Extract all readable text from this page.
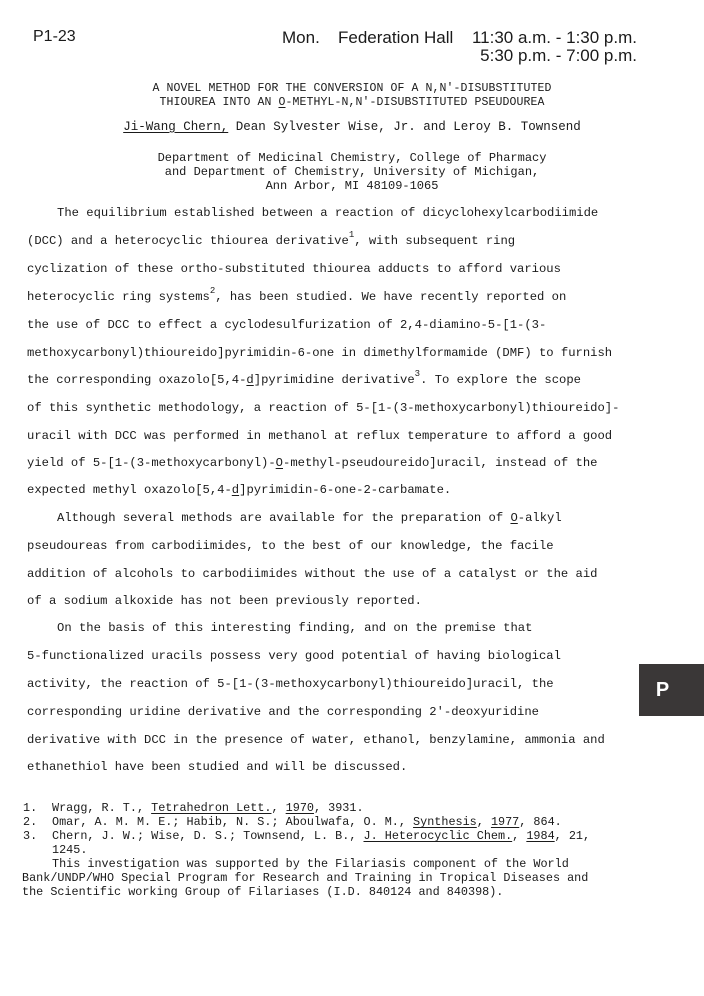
P1-23	Mon. Federation Hall 11:30 a.m. - 1:30 p.m.
5:30 p.m. - 7:00 p.m.
A NOVEL METHOD FOR THE CONVERSION OF A N,N'-DISUBSTITUTED
THIOUREA INTO AN O-METHYL-N,N'-DISUBSTITUTED PSEUDOUREA
Ji-Wang Chern, Dean Sylvester Wise, Jr. and Leroy B. Townsend
Department of Medicinal Chemistry, College of Pharmacy
and Department of Chemistry, University of Michigan,
Ann Arbor, MI 48109-1065
The equilibrium established between a reaction of dicyclohexylcarbodiimide
(DCC) and a heterocyclic thiourea derivative$^1$, with subsequent ring
cyclization of these ortho-substituted thiourea adducts to afford various
heterocyclic ring systems$^2$, has been studied. We have recently reported on
the use of DCC to effect a cyclodesulfurization of 2,4-diamino-5-[1-(3-
methoxycarbonyl)thioureido]pyrimidin-6-one in dimethylformamide (DMF) to furnish
the corresponding oxazolo[5,4-d]pyrimidine derivative$^3$. To explore the scope
of this synthetic methodology, a reaction of 5-[1-(3-methoxycarbonyl)thioureido]-
uracil with DCC was performed in methanol at reflux temperature to afford a good
yield of 5-[1-(3-methoxycarbonyl)-O-methyl-pseudoureido]uracil, instead of the
expected methyl oxazolo[5,4-d]pyrimidin-6-one-2-carbamate.
Although several methods are available for the preparation of O-alkyl
pseudoureas from carbodiimides, to the best of our knowledge, the facile
addition of alcohols to carbodiimides without the use of a catalyst or the aid
of a sodium alkoxide has not been previously reported.
On the basis of this interesting finding, and on the premise that
5-functionalized uracils possess very good potential of having biological
activity, the reaction of 5-[1-(3-methoxycarbonyl)thioureido]uracil, the
corresponding uridine derivative and the corresponding 2'-deoxyuridine
derivative with DCC in the presence of water, ethanol, benzylamine, ammonia and
ethanethiol have been studied and will be discussed.
1. Wragg, R. T., Tetrahedron Lett., 1970, 3931.
2. Omar, A. M. M. E.; Habib, N. S.; Aboulwafa, O. M., Synthesis, 1977, 864.
3. Chern, J. W.; Wise, D. S.; Townsend, L. B., J. Heterocyclic Chem., 1984, 21,
1245.
This investigation was supported by the Filariasis component of the World
Bank/UNDP/WHO Special Program for Research and Training in Tropical Diseases and
the Scientific working Group of Filariases (I.D. 840124 and 840398).
P
